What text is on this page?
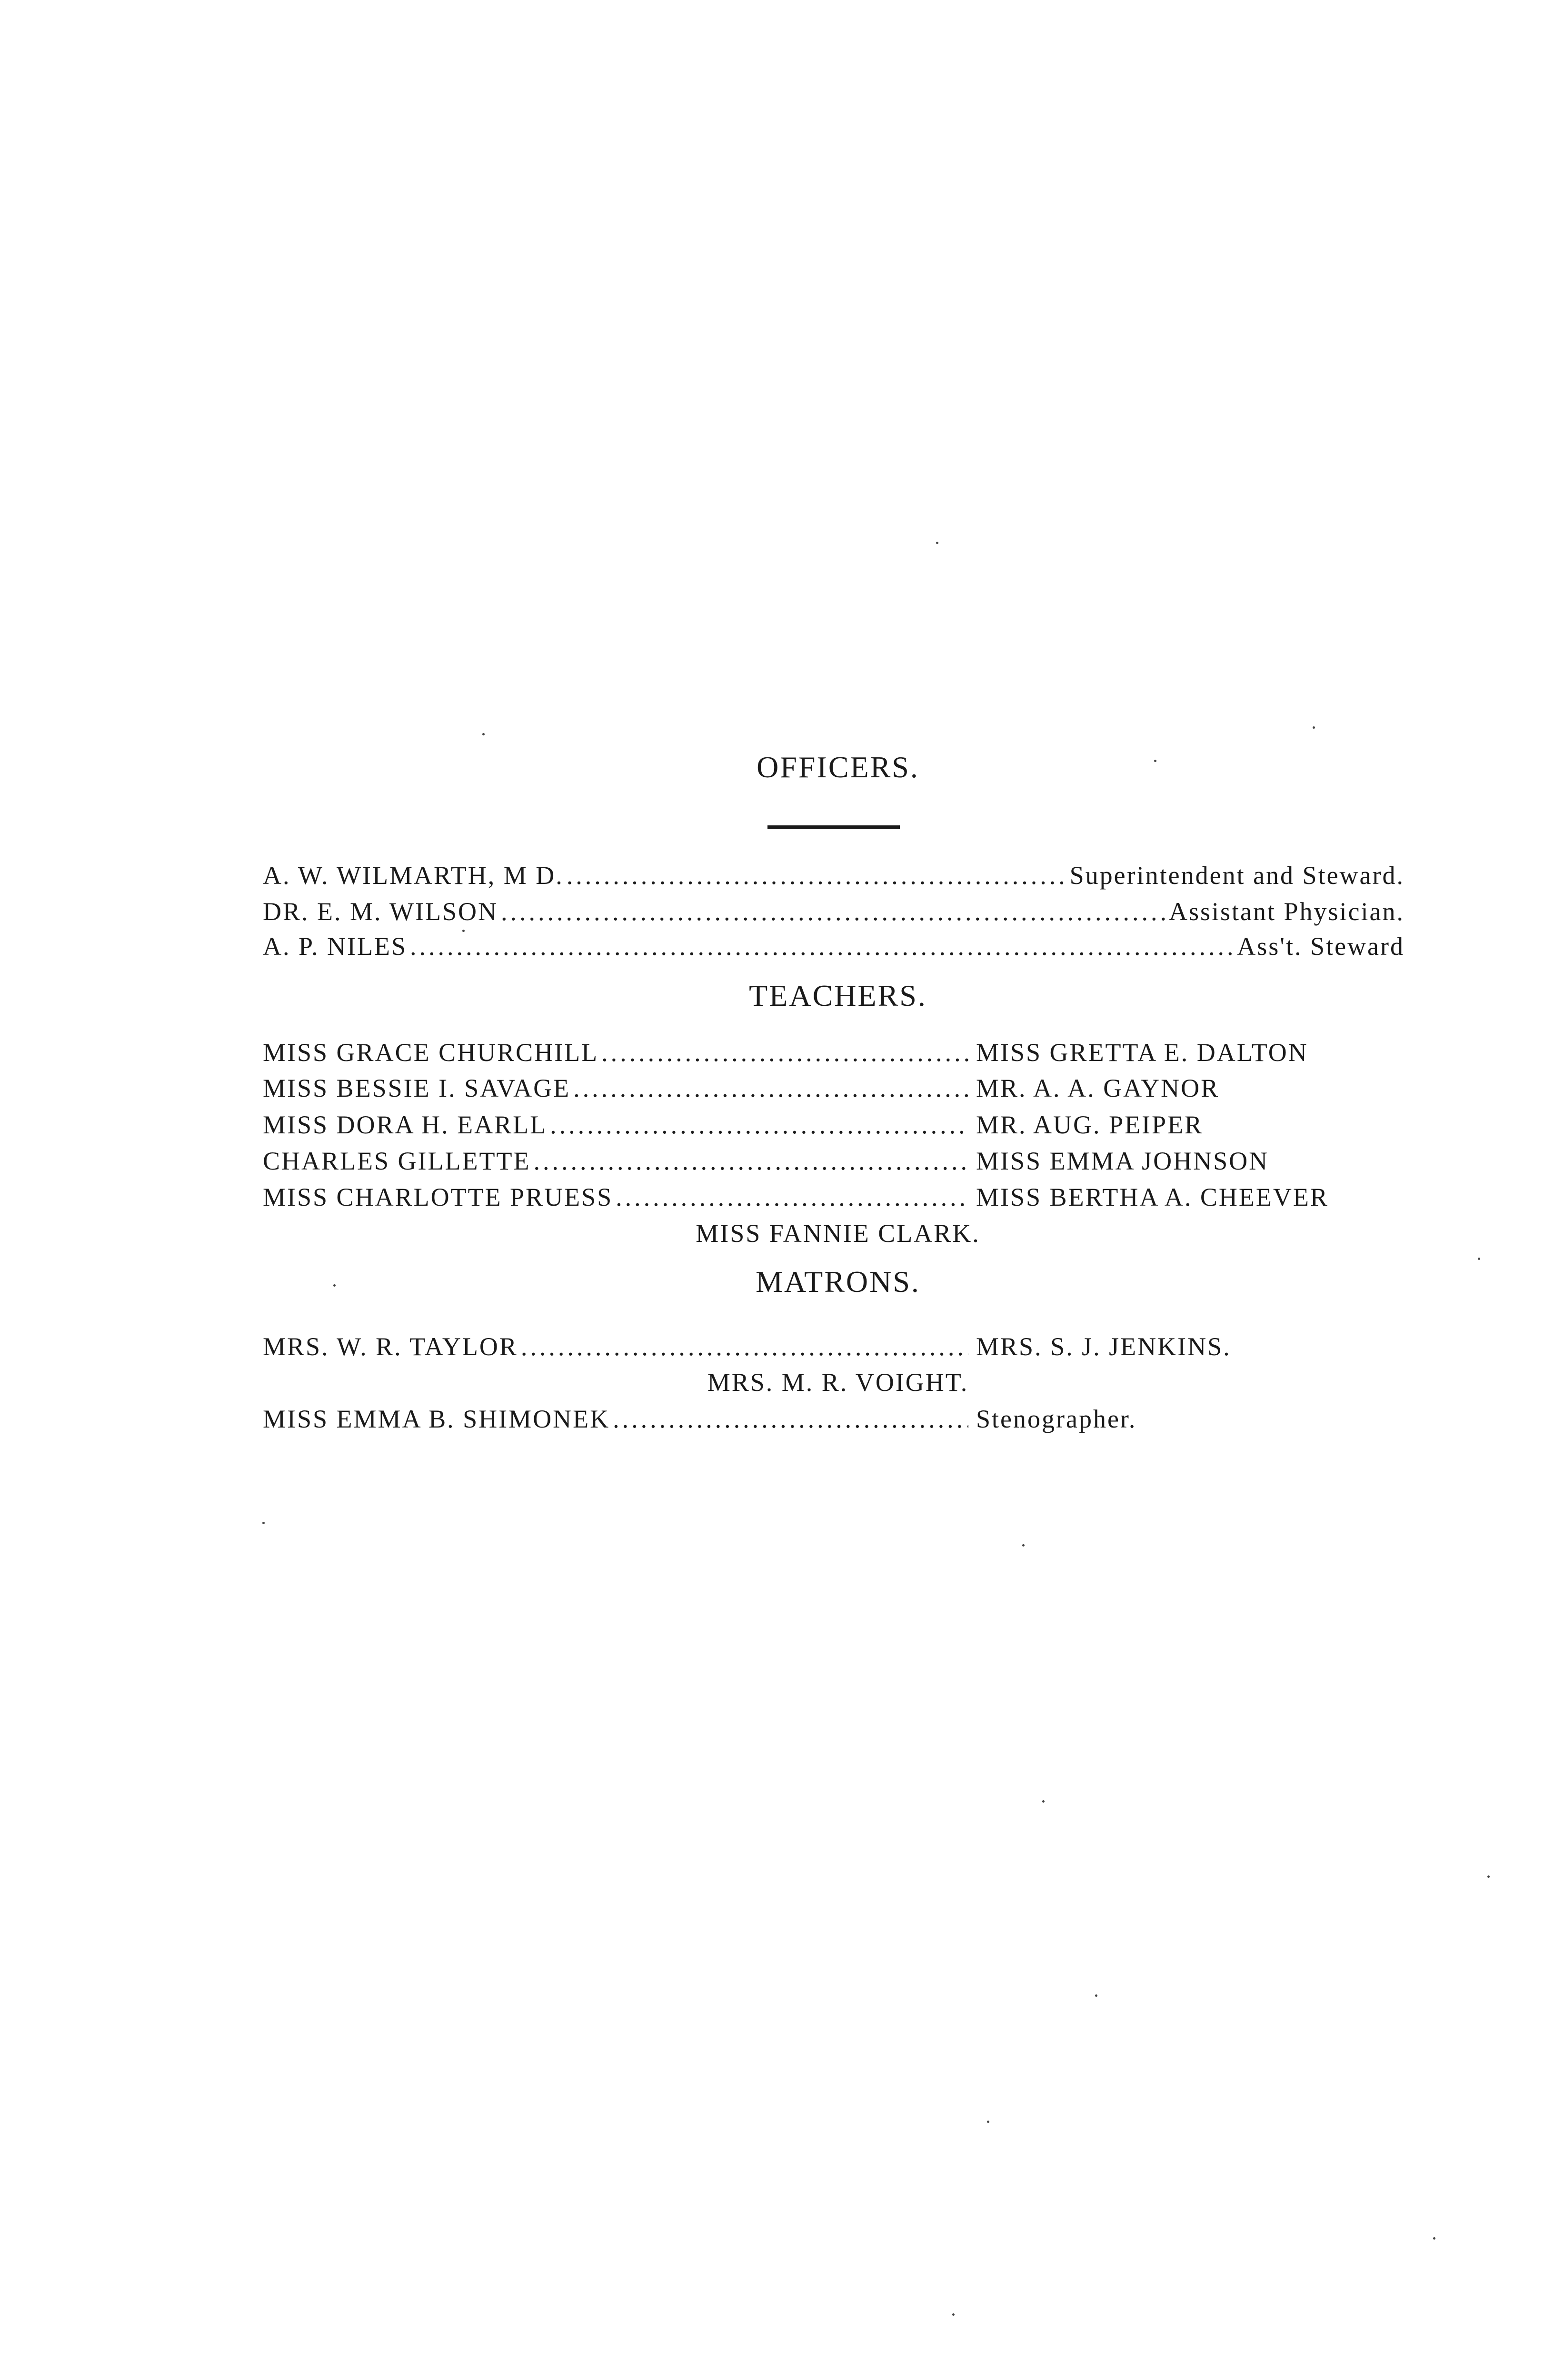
OFFICERS.
A. W. WILMARTH, M D. .....	Superintendent and Steward.
DR. E. M. WILSON .....	Assistant Physician.
A. P. NILES .....	Ass't. Steward
TEACHERS.
MISS GRACE CHURCHILL .....	MISS GRETTA E. DALTON
MISS BESSIE I. SAVAGE .....	MR. A. A. GAYNOR
MISS DORA H. EARLL .....	MR. AUG. PEIPER
CHARLES GILLETTE .....	MISS EMMA JOHNSON
MISS CHARLOTTE PRUESS .....	MISS BERTHA A. CHEEVER
MISS FANNIE CLARK.
MATRONS.
MRS. W. R. TAYLOR .....	MRS. S. J. JENKINS.
MRS. M. R. VOIGHT.
MISS EMMA B. SHIMONEK .....	Stenographer.
